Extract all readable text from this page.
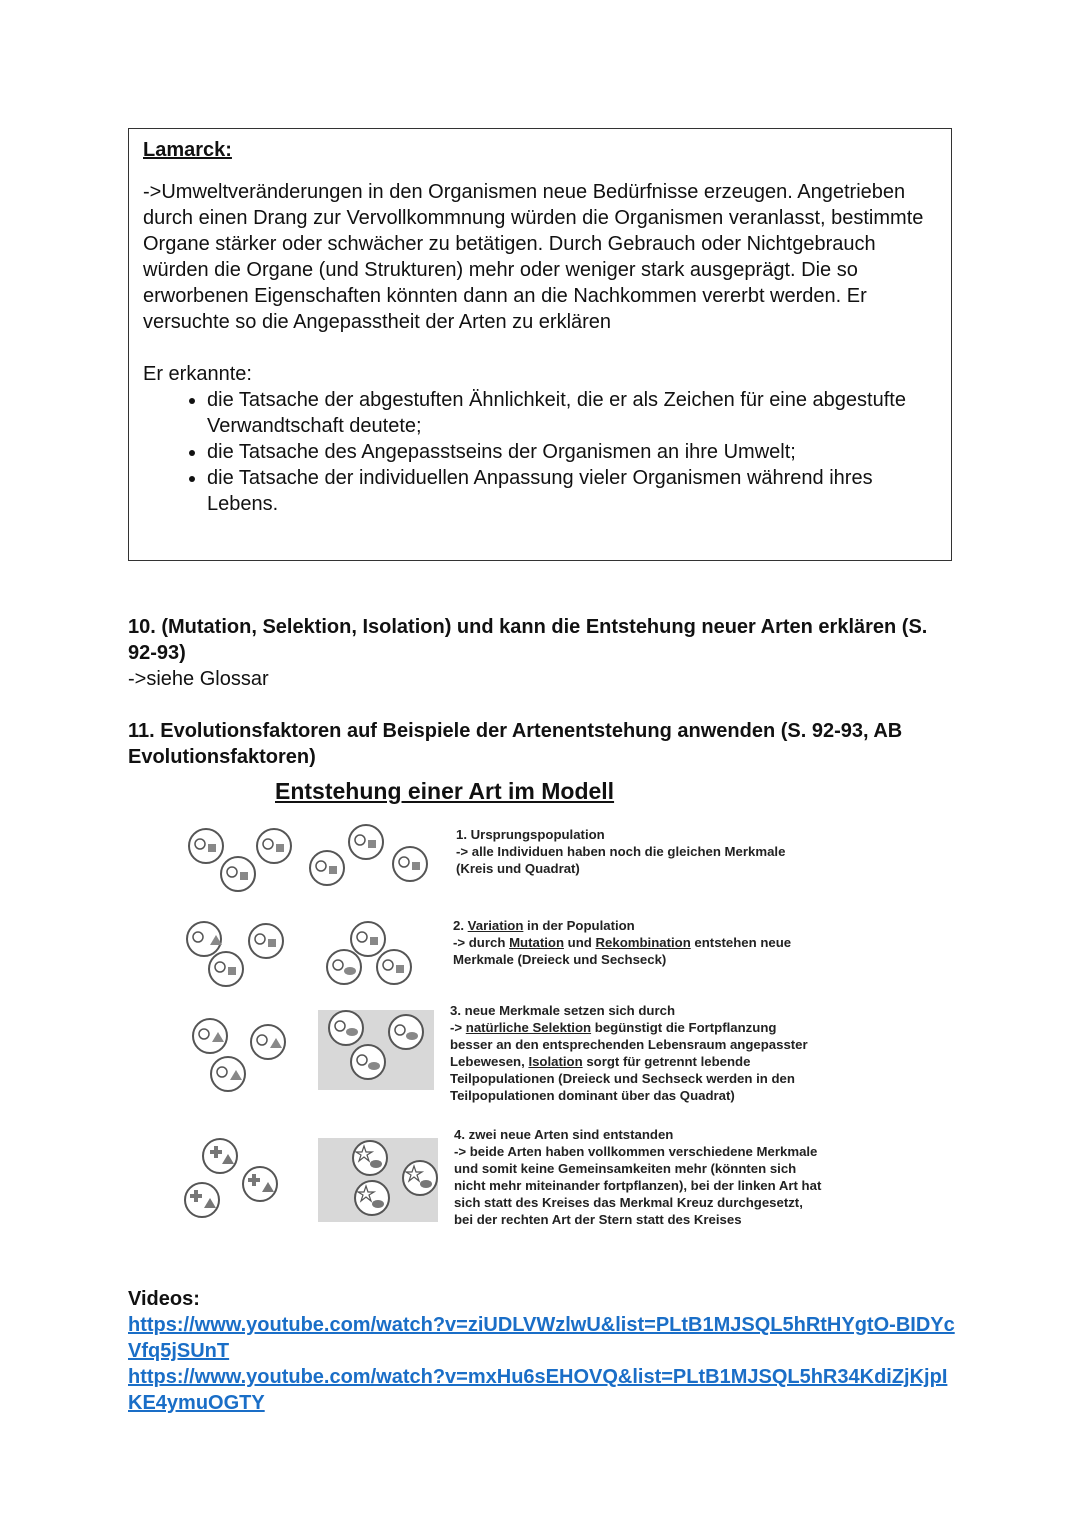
Lamarck:

->Umweltveränderungen in den Organismen neue Bedürfnisse erzeugen. Angetrieben durch einen Drang zur Vervollkommnung würden die Organismen veranlasst, bestimmte Organe stärker oder schwächer zu betätigen. Durch Gebrauch oder Nichtgebrauch würden die Organe (und Strukturen) mehr oder weniger stark ausgeprägt. Die so erworbenen Eigenschaften könnten dann an die Nachkommen vererbt werden. Er versuchte so die Angepasstheit der Arten zu erklären

Er erkannte:

• die Tatsache der abgestuften Ähnlichkeit, die er als Zeichen für eine abgestufte Verwandtschaft deutete;
• die Tatsache des Angepasstseins der Organismen an ihre Umwelt;
• die Tatsache der individuellen Anpassung vieler Organismen während ihres Lebens.

10. (Mutation, Selektion, Isolation) und kann die Entstehung neuer Arten erklären (S. 92-93)

->siehe Glossar

11. Evolutionsfaktoren auf Beispiele der Artenentstehung anwenden (S. 92-93, AB Evolutionsfaktoren)

Entstehung einer Art im Modell

1. Ursprungspopulation
-> alle Individuen haben noch die gleichen Merkmale
(Kreis und Quadrat)
2. Variation in der Population
-> durch Mutation und Rekombination entstehen neue
Merkmale (Dreieck und Sechseck)
3. neue Merkmale setzen sich durch
-> natürliche Selektion begünstigt die Fortpflanzung
besser an den entsprechenden Lebensraum angepasster
Lebewesen, Isolation sorgt für getrennt lebende
Teilpopulationen (Dreieck und Sechseck werden in den
Teilpopulationen dominant über das Quadrat)
4. zwei neue Arten sind entstanden
-> beide Arten haben vollkommen verschiedene Merkmale
und somit keine Gemeinsamkeiten mehr (könnten sich
nicht mehr miteinander fortpflanzen), bei der linken Art hat
sich statt des Kreises das Merkmal Kreuz durchgesetzt,
bei der rechten Art der Stern statt des Kreises

Videos:

https://www.youtube.com/watch?v=ziUDLVWzlwU&list=PLtB1MJSQL5hRtHYgtO-BIDYcVfq5jSUnT

https://www.youtube.com/watch?v=mxHu6sEHOVQ&list=PLtB1MJSQL5hR34KdiZjKjpIKE4ymuOGTY
